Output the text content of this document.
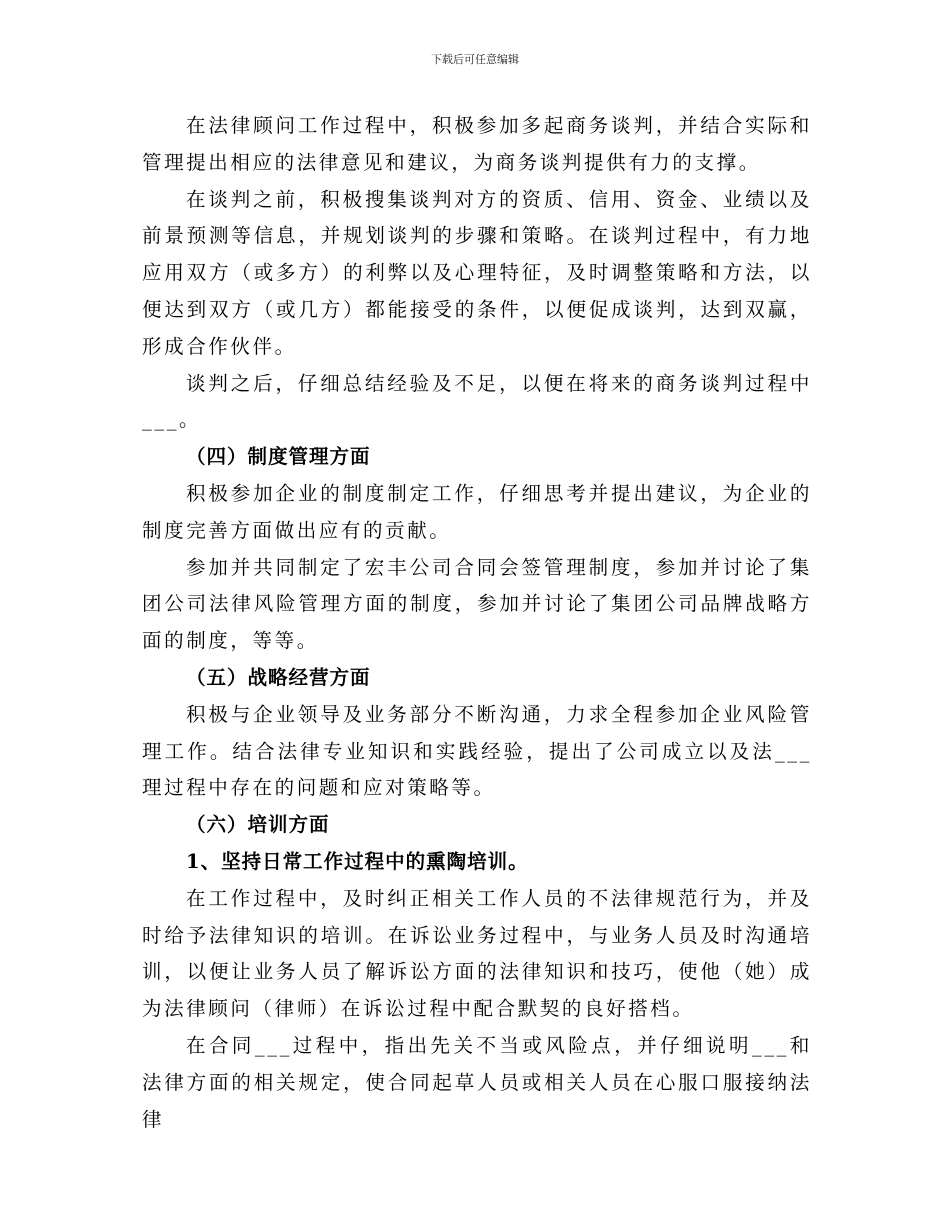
下载后可任意编辑

在法律顾问工作过程中，积极参加多起商务谈判，并结合实际和管理提出相应的法律意见和建议，为商务谈判提供有力的支撑。

在谈判之前，积极搜集谈判对方的资质、信用、资金、业绩以及前景预测等信息，并规划谈判的步骤和策略。在谈判过程中，有力地应用双方（或多方）的利弊以及心理特征，及时调整策略和方法，以便达到双方（或几方）都能接受的条件，以便促成谈判，达到双赢，形成合作伙伴。

谈判之后，仔细总结经验及不足，以便在将来的商务谈判过程中___。

（四）制度管理方面

积极参加企业的制度制定工作，仔细思考并提出建议，为企业的制度完善方面做出应有的贡献。

参加并共同制定了宏丰公司合同会签管理制度，参加并讨论了集团公司法律风险管理方面的制度，参加并讨论了集团公司品牌战略方面的制度，等等。

（五）战略经营方面

积极与企业领导及业务部分不断沟通，力求全程参加企业风险管理工作。结合法律专业知识和实践经验，提出了公司成立以及法___理过程中存在的问题和应对策略等。

（六）培训方面

1、坚持日常工作过程中的熏陶培训。

在工作过程中，及时纠正相关工作人员的不法律规范行为，并及时给予法律知识的培训。在诉讼业务过程中，与业务人员及时沟通培训，以便让业务人员了解诉讼方面的法律知识和技巧，使他（她）成为法律顾问（律师）在诉讼过程中配合默契的良好搭档。

在合同___过程中，指出先关不当或风险点，并仔细说明___和法律方面的相关规定，使合同起草人员或相关人员在心服口服接纳法律
